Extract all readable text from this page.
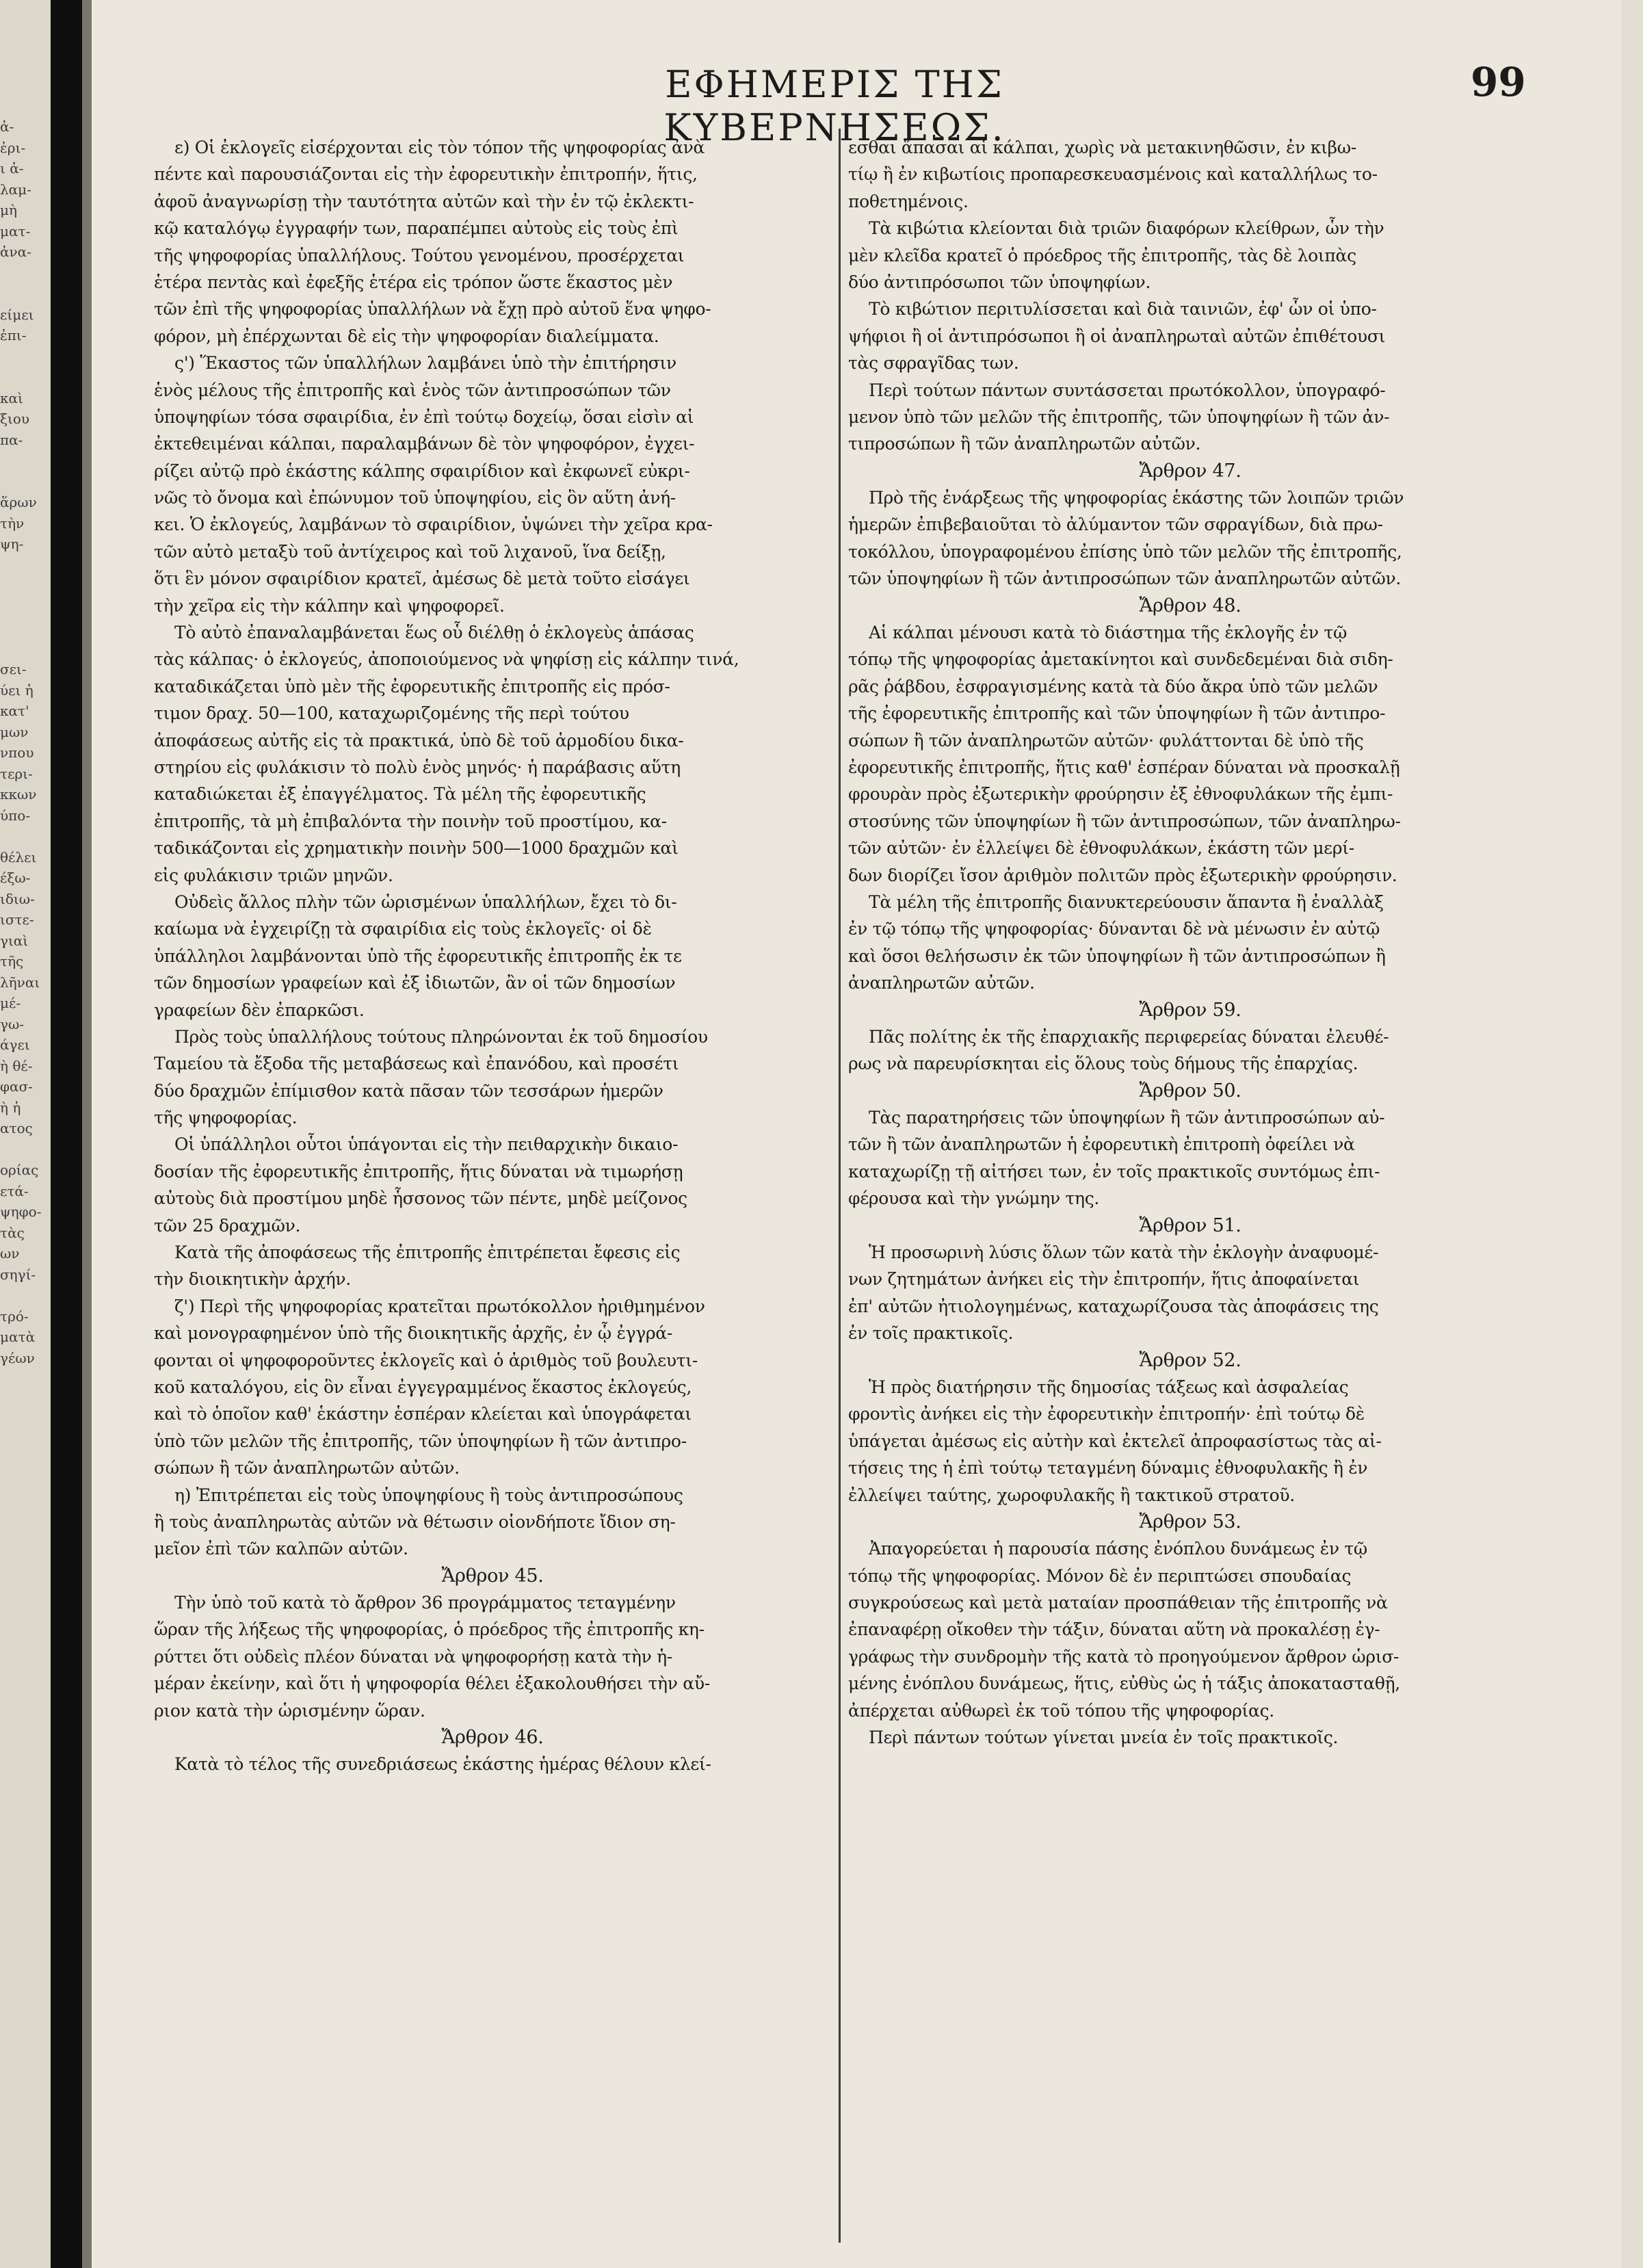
ἀ-
ἐρι-
ι ἀ-
λαμ-
μὴ
ματ-
ἀνα-
είμει
ἐπι-
καὶ
ξιου
πα-
ἅρων
τὴν
ψη-
σει-
ύει ἡ
κατ'
μων
νπου
τερι-
κκων
ύπο-
θέλει
έξω-
ιδιω-
ιστε-
γιαὶ
τῆς
λῆναι
μέ-
γω-
άγει
ὴ θέ-
φασ-
ὴ ἡ
ατος
ορίας
ετά-
ψηφο-
τὰς
ων
σηγί-
τρό-
ματὰ
γέων
ΕΦΗΜΕΡΙΣ ΤΗΣ ΚΥΒΕΡΝΗΣΕΩΣ.
99
ε) Οἱ ἐκλογεῖς εἰσέρχονται εἰς τὸν τόπον τῆς ψηφοφορίας ἀνὰ
πέντε καὶ παρουσιάζονται εἰς τὴν ἐφορευτικὴν ἐπιτροπήν, ἥτις,
ἀφοῦ ἀναγνωρίσῃ τὴν ταυτότητα αὐτῶν καὶ τὴν ἐν τῷ ἐκλεκτι-
κῷ καταλόγῳ ἐγγραφήν των, παραπέμπει αὐτοὺς εἰς τοὺς ἐπὶ
τῆς ψηφοφορίας ὑπαλλήλους. Τούτου γενομένου, προσέρχεται
ἑτέρα πεντὰς καὶ ἐφεξῆς ἑτέρα εἰς τρόπον ὥστε ἕκαστος μὲν
τῶν ἐπὶ τῆς ψηφοφορίας ὑπαλλήλων νὰ ἔχῃ πρὸ αὐτοῦ ἕνα ψηφο-
φόρον, μὴ ἐπέρχωνται δὲ εἰς τὴν ψηφοφορίαν διαλείμματα.
ς') Ἕκαστος τῶν ὑπαλλήλων λαμβάνει ὑπὸ τὴν ἐπιτήρησιν
ἑνὸς μέλους τῆς ἐπιτροπῆς καὶ ἑνὸς τῶν ἀντιπροσώπων τῶν
ὑποψηφίων τόσα σφαιρίδια, ἐν ἐπὶ τούτῳ δοχείῳ, ὅσαι εἰσὶν αἱ
ἐκτεθειμέναι κάλπαι, παραλαμβάνων δὲ τὸν ψηφοφόρον, ἐγχει-
ρίζει αὐτῷ πρὸ ἑκάστης κάλπης σφαιρίδιον καὶ ἐκφωνεῖ εὐκρι-
νῶς τὸ ὄνομα καὶ ἐπώνυμον τοῦ ὑποψηφίου, εἰς ὃν αὕτη ἀνή-
κει. Ὁ ἐκλογεύς, λαμβάνων τὸ σφαιρίδιον, ὑψώνει τὴν χεῖρα κρα-
τῶν αὐτὸ μεταξὺ τοῦ ἀντίχειρος καὶ τοῦ λιχανοῦ, ἵνα δείξῃ,
ὅτι ἓν μόνον σφαιρίδιον κρατεῖ, ἀμέσως δὲ μετὰ τοῦτο εἰσάγει
τὴν χεῖρα εἰς τὴν κάλπην καὶ ψηφοφορεῖ.
Τὸ αὐτὸ ἐπαναλαμβάνεται ἕως οὗ διέλθῃ ὁ ἐκλογεὺς ἁπάσας
τὰς κάλπας· ὁ ἐκλογεύς, ἀποποιούμενος νὰ ψηφίσῃ εἰς κάλπην τινά,
καταδικάζεται ὑπὸ μὲν τῆς ἐφορευτικῆς ἐπιτροπῆς εἰς πρόσ-
τιμον δραχ. 50—100, καταχωριζομένης τῆς περὶ τούτου
ἀποφάσεως αὐτῆς εἰς τὰ πρακτικά, ὑπὸ δὲ τοῦ ἁρμοδίου δικα-
στηρίου εἰς φυλάκισιν τὸ πολὺ ἑνὸς μηνός· ἡ παράβασις αὕτη
καταδιώκεται ἐξ ἐπαγγέλματος. Τὰ μέλη τῆς ἐφορευτικῆς
ἐπιτροπῆς, τὰ μὴ ἐπιβαλόντα τὴν ποινὴν τοῦ προστίμου, κα-
ταδικάζονται εἰς χρηματικὴν ποινὴν 500—1000 δραχμῶν καὶ
εἰς φυλάκισιν τριῶν μηνῶν.
Οὐδεὶς ἄλλος πλὴν τῶν ὡρισμένων ὑπαλλήλων, ἔχει τὸ δι-
καίωμα νὰ ἐγχειρίζῃ τὰ σφαιρίδια εἰς τοὺς ἐκλογεῖς· οἱ δὲ
ὑπάλληλοι λαμβάνονται ὑπὸ τῆς ἐφορευτικῆς ἐπιτροπῆς ἐκ τε
τῶν δημοσίων γραφείων καὶ ἐξ ἰδιωτῶν, ἂν οἱ τῶν δημοσίων
γραφείων δὲν ἐπαρκῶσι.
Πρὸς τοὺς ὑπαλλήλους τούτους πληρώνονται ἐκ τοῦ δημοσίου
Ταμείου τὰ ἔξοδα τῆς μεταβάσεως καὶ ἐπανόδου, καὶ προσέτι
δύο δραχμῶν ἐπίμισθον κατὰ πᾶσαν τῶν τεσσάρων ἡμερῶν
τῆς ψηφοφορίας.
Οἱ ὑπάλληλοι οὗτοι ὑπάγονται εἰς τὴν πειθαρχικὴν δικαιο-
δοσίαν τῆς ἐφορευτικῆς ἐπιτροπῆς, ἥτις δύναται νὰ τιμωρήσῃ
αὐτοὺς διὰ προστίμου μηδὲ ἧσσονος τῶν πέντε, μηδὲ μείζονος
τῶν 25 δραχμῶν.
Κατὰ τῆς ἀποφάσεως τῆς ἐπιτροπῆς ἐπιτρέπεται ἔφεσις εἰς
τὴν διοικητικὴν ἀρχήν.
ζ') Περὶ τῆς ψηφοφορίας κρατεῖται πρωτόκολλον ἠριθμημένον
καὶ μονογραφημένον ὑπὸ τῆς διοικητικῆς ἀρχῆς, ἐν ᾧ ἐγγρά-
φονται οἱ ψηφοφοροῦντες ἐκλογεῖς καὶ ὁ ἀριθμὸς τοῦ βουλευτι-
κοῦ καταλόγου, εἰς ὃν εἶναι ἐγγεγραμμένος ἕκαστος ἐκλογεύς,
καὶ τὸ ὁποῖον καθ' ἑκάστην ἑσπέραν κλείεται καὶ ὑπογράφεται
ὑπὸ τῶν μελῶν τῆς ἐπιτροπῆς, τῶν ὑποψηφίων ἢ τῶν ἀντιπρο-
σώπων ἢ τῶν ἀναπληρωτῶν αὐτῶν.
η) Ἐπιτρέπεται εἰς τοὺς ὑποψηφίους ἢ τοὺς ἀντιπροσώπους
ἢ τοὺς ἀναπληρωτὰς αὐτῶν νὰ θέτωσιν οἱονδήποτε ἴδιον ση-
μεῖον ἐπὶ τῶν καλπῶν αὐτῶν.
Ἄρθρον 45.
Τὴν ὑπὸ τοῦ κατὰ τὸ ἄρθρον 36 προγράμματος τεταγμένην
ὥραν τῆς λήξεως τῆς ψηφοφορίας, ὁ πρόεδρος τῆς ἐπιτροπῆς κη-
ρύττει ὅτι οὐδεὶς πλέον δύναται νὰ ψηφοφορήσῃ κατὰ τὴν ἡ-
μέραν ἐκείνην, καὶ ὅτι ἡ ψηφοφορία θέλει ἐξακολουθήσει τὴν αὔ-
ριον κατὰ τὴν ὡρισμένην ὥραν.
Ἄρθρον 46.
Κατὰ τὸ τέλος τῆς συνεδριάσεως ἑκάστης ἡμέρας θέλουν κλεί-
εσθαι ἅπασαι αἱ κάλπαι, χωρὶς νὰ μετακινηθῶσιν, ἐν κιβω-
τίῳ ἢ ἐν κιβωτίοις προπαρεσκευασμένοις καὶ καταλλήλως το-
ποθετημένοις.
Τὰ κιβώτια κλείονται διὰ τριῶν διαφόρων κλείθρων, ὧν τὴν
μὲν κλεῖδα κρατεῖ ὁ πρόεδρος τῆς ἐπιτροπῆς, τὰς δὲ λοιπὰς
δύο ἀντιπρόσωποι τῶν ὑποψηφίων.
Τὸ κιβώτιον περιτυλίσσεται καὶ διὰ ταινιῶν, ἐφ' ὧν οἱ ὑπο-
ψήφιοι ἢ οἱ ἀντιπρόσωποι ἢ οἱ ἀναπληρωταὶ αὐτῶν ἐπιθέτουσι
τὰς σφραγῖδας των.
Περὶ τούτων πάντων συντάσσεται πρωτόκολλον, ὑπογραφό-
μενον ὑπὸ τῶν μελῶν τῆς ἐπιτροπῆς, τῶν ὑποψηφίων ἢ τῶν ἀν-
τιπροσώπων ἢ τῶν ἀναπληρωτῶν αὐτῶν.
Ἄρθρον 47.
Πρὸ τῆς ἐνάρξεως τῆς ψηφοφορίας ἑκάστης τῶν λοιπῶν τριῶν
ἡμερῶν ἐπιβεβαιοῦται τὸ ἀλύμαντον τῶν σφραγίδων, διὰ πρω-
τοκόλλου, ὑπογραφομένου ἐπίσης ὑπὸ τῶν μελῶν τῆς ἐπιτροπῆς,
τῶν ὑποψηφίων ἢ τῶν ἀντιπροσώπων τῶν ἀναπληρωτῶν αὐτῶν.
Ἄρθρον 48.
Αἱ κάλπαι μένουσι κατὰ τὸ διάστημα τῆς ἐκλογῆς ἐν τῷ
τόπῳ τῆς ψηφοφορίας ἀμετακίνητοι καὶ συνδεδεμέναι διὰ σιδη-
ρᾶς ῥάβδου, ἐσφραγισμένης κατὰ τὰ δύο ἄκρα ὑπὸ τῶν μελῶν
τῆς ἐφορευτικῆς ἐπιτροπῆς καὶ τῶν ὑποψηφίων ἢ τῶν ἀντιπρο-
σώπων ἢ τῶν ἀναπληρωτῶν αὐτῶν· φυλάττονται δὲ ὑπὸ τῆς
ἐφορευτικῆς ἐπιτροπῆς, ἥτις καθ' ἑσπέραν δύναται νὰ προσκαλῇ
φρουρὰν πρὸς ἐξωτερικὴν φρούρησιν ἐξ ἐθνοφυλάκων τῆς ἐμπι-
στοσύνης τῶν ὑποψηφίων ἢ τῶν ἀντιπροσώπων, τῶν ἀναπληρω-
τῶν αὐτῶν· ἐν ἐλλείψει δὲ ἐθνοφυλάκων, ἑκάστη τῶν μερί-
δων διορίζει ἴσον ἀριθμὸν πολιτῶν πρὸς ἐξωτερικὴν φρούρησιν.
Τὰ μέλη τῆς ἐπιτροπῆς διανυκτερεύουσιν ἅπαντα ἢ ἐναλλὰξ
ἐν τῷ τόπῳ τῆς ψηφοφορίας· δύνανται δὲ νὰ μένωσιν ἐν αὐτῷ
καὶ ὅσοι θελήσωσιν ἐκ τῶν ὑποψηφίων ἢ τῶν ἀντιπροσώπων ἢ
ἀναπληρωτῶν αὐτῶν.
Ἄρθρον 59.
Πᾶς πολίτης ἐκ τῆς ἐπαρχιακῆς περιφερείας δύναται ἐλευθέ-
ρως νὰ παρευρίσκηται εἰς ὅλους τοὺς δήμους τῆς ἐπαρχίας.
Ἄρθρον 50.
Τὰς παρατηρήσεις τῶν ὑποψηφίων ἢ τῶν ἀντιπροσώπων αὐ-
τῶν ἢ τῶν ἀναπληρωτῶν ἡ ἐφορευτικὴ ἐπιτροπὴ ὀφείλει νὰ
καταχωρίζῃ τῇ αἰτήσει των, ἐν τοῖς πρακτικοῖς συντόμως ἐπι-
φέρουσα καὶ τὴν γνώμην της.
Ἄρθρον 51.
Ἡ προσωρινὴ λύσις ὅλων τῶν κατὰ τὴν ἐκλογὴν ἀναφυομέ-
νων ζητημάτων ἀνήκει εἰς τὴν ἐπιτροπήν, ἥτις ἀποφαίνεται
ἐπ' αὐτῶν ἠτιολογημένως, καταχωρίζουσα τὰς ἀποφάσεις της
ἐν τοῖς πρακτικοῖς.
Ἄρθρον 52.
Ἡ πρὸς διατήρησιν τῆς δημοσίας τάξεως καὶ ἀσφαλείας
φροντὶς ἀνήκει εἰς τὴν ἐφορευτικὴν ἐπιτροπήν· ἐπὶ τούτῳ δὲ
ὑπάγεται ἀμέσως εἰς αὐτὴν καὶ ἐκτελεῖ ἀπροφασίστως τὰς αἰ-
τήσεις της ἡ ἐπὶ τούτῳ τεταγμένη δύναμις ἐθνοφυλακῆς ἢ ἐν
ἐλλείψει ταύτης, χωροφυλακῆς ἢ τακτικοῦ στρατοῦ.
Ἄρθρον 53.
Ἀπαγορεύεται ἡ παρουσία πάσης ἐνόπλου δυνάμεως ἐν τῷ
τόπῳ τῆς ψηφοφορίας. Μόνον δὲ ἐν περιπτώσει σπουδαίας
συγκρούσεως καὶ μετὰ ματαίαν προσπάθειαν τῆς ἐπιτροπῆς νὰ
ἐπαναφέρῃ οἴκοθεν τὴν τάξιν, δύναται αὕτη νὰ προκαλέσῃ ἐγ-
γράφως τὴν συνδρομὴν τῆς κατὰ τὸ προηγούμενον ἄρθρον ὡρισ-
μένης ἐνόπλου δυνάμεως, ἥτις, εὐθὺς ὡς ἡ τάξις ἀποκατασταθῇ,
ἀπέρχεται αὐθωρεὶ ἐκ τοῦ τόπου τῆς ψηφοφορίας.
Περὶ πάντων τούτων γίνεται μνεία ἐν τοῖς πρακτικοῖς.
